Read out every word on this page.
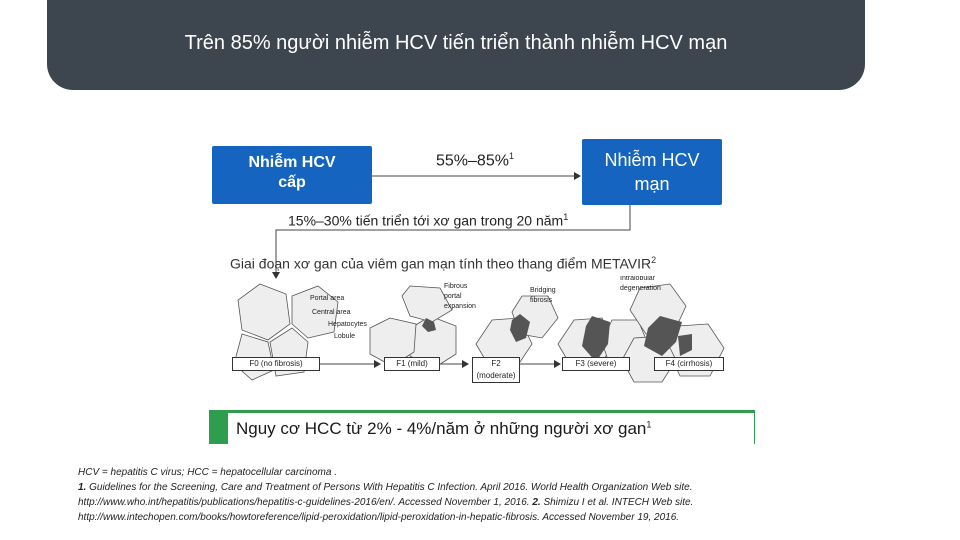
Trên 85% người nhiễm HCV tiến triển thành nhiễm HCV mạn
Nhiễm HCV
cấp
55%–85%$^1$	Nhiễm HCV
mạn
15%–30% tiến triển tới xơ gan trong 20 năm$^1$
Giai đoạn xơ gan của viêm gan mạn tính theo thang điểm METAVIR$^2$
Portal area
Central area
Hepatocytes
Lobule
Fibrous
portal
expansion
Bridging
fibrosis
Intralobular
degeneration
F0 (no fibrosis)	F1 (mild)	F2
(moderate)
F3 (severe)	F4 (cirrhosis)
Nguy cơ HCC từ 2% - 4%/năm ở những người xơ gan$^1$
HCV = hepatitis C virus; HCC = hepatocellular carcinoma .
1. Guidelines for the Screening, Care and Treatment of Persons With Hepatitis C Infection. April 2016. World Health Organization Web site.
http://www.who.int/hepatitis/publications/hepatitis-c-guidelines-2016/en/. Accessed November 1, 2016. 2. Shimizu I et al. INTECH Web site.
http://www.intechopen.com/books/howtoreference/lipid-peroxidation/lipid-peroxidation-in-hepatic-fibrosis. Accessed November 19, 2016.
